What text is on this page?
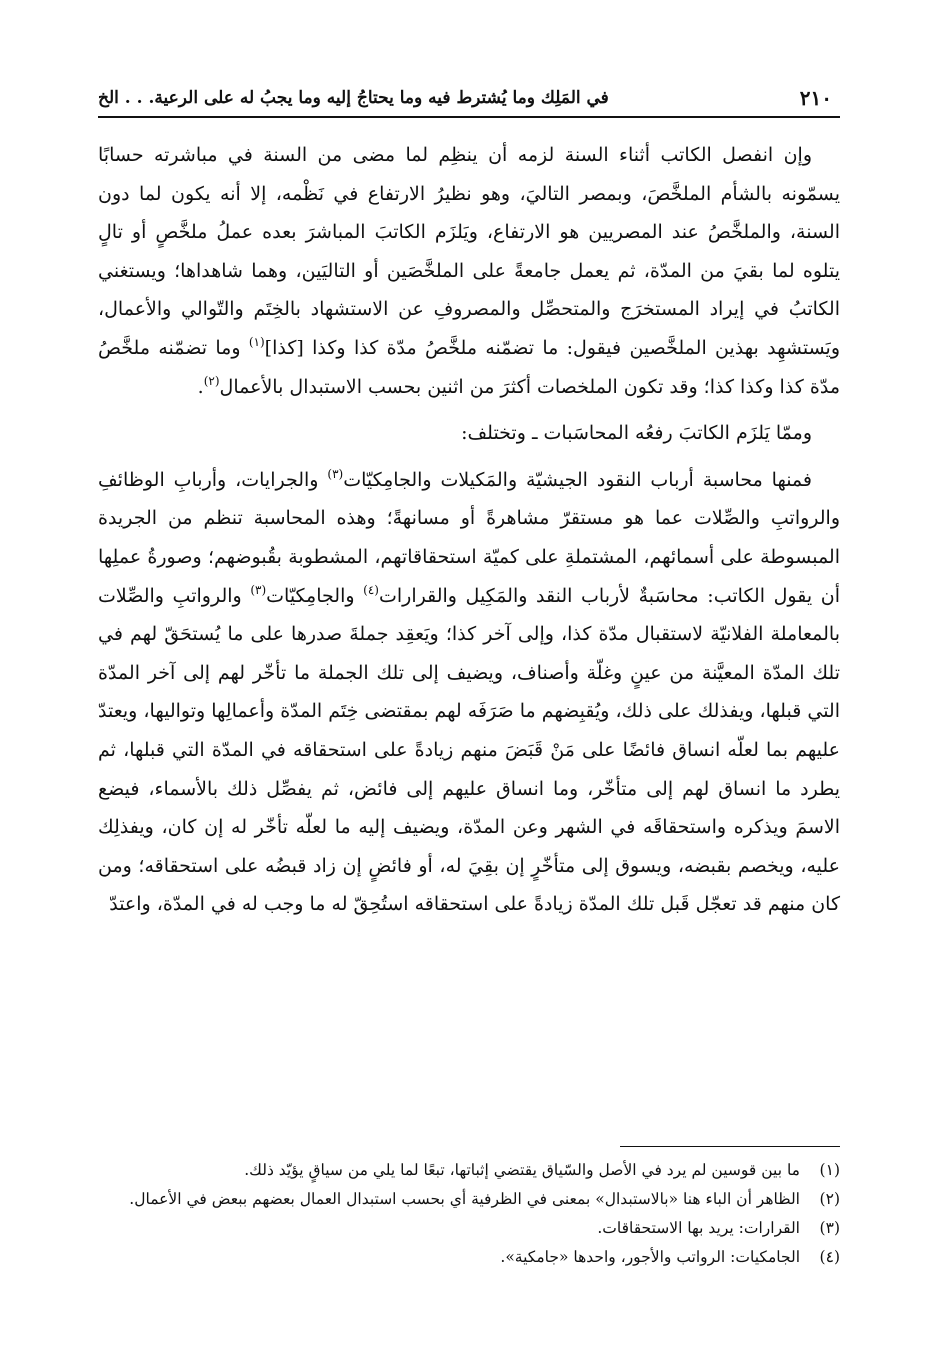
٢١٠
في المَلِك وما يُشترط فيه وما يحتاجُ إليه وما يجبُ له على الرعية. . . الخ

وإن انفصل الكاتب أثناء السنة لزمه أن ينظِم لما مضى من السنة في مباشرته حسابًا يسمّونه بالشأم الملخَّصَ، وبمصر التاليَ، وهو نظيرُ الارتفاع في نَظْمه، إلا أنه يكون لما دون السنة، والملخَّصُ عند المصريين هو الارتفاع، ويَلزَم الكاتبَ المباشرَ بعده عملُ ملخَّصٍ أو تالٍ يتلوه لما بقيَ من المدّة، ثم يعمل جامعةً على الملخَّصَين أو التاليَين، وهما شاهداها؛ ويستغني الكاتبُ في إيراد المستخرَج والمتحصِّل والمصروفِ عن الاستشهاد بالخِتَم والتّوالي والأعمال، ويَستشهِد بهذين الملخَّصين فيقول: ما تضمّنه ملخَّصُ مدّة كذا وكذا [كذا]$^{(١)}$ وما تضمّنه ملخَّصُ مدّة كذا وكذا كذا؛ وقد تكون الملخصات أكثرَ من اثنين بحسب الاستبدال بالأعمال$^{(٢)}$.

وممّا يَلزَم الكاتبَ رفعُه المحاسَبات ـ وتختلف:

فمنها محاسبة أرباب النقود الجيشيّة والمَكيلات والجامِكيّات$^{(٣)}$ والجرايات، وأربابِ الوظائفِ والرواتبِ والصِّلات عما هو مستقرّ مشاهرةً أو مسانهةً؛ وهذه المحاسبة تنظم من الجريدة المبسوطة على أسمائهم، المشتملةِ على كميّة استحقاقاتهم، المشطوبة بقُبوضهم؛ وصورةُ عملِها أن يقول الكاتب: محاسَبةٌ لأرباب النقد والمَكِيل والقرارات$^{(٤)}$ والجامِكيّات$^{(٣)}$ والرواتبِ والصِّلات بالمعاملة الفلانيّة لاستقبال مدّة كذا، وإلى آخر كذا؛ ويَعقِد جملةَ صدرها على ما يُستحَقّ لهم في تلك المدّة المعيَّنة من عينٍ وغلّة وأصناف، ويضيف إلى تلك الجملة ما تأخّر لهم إلى آخر المدّة التي قبلها، ويفذلك على ذلك، ويُقبِضهم ما صَرَفَه لهم بمقتضى خِتَم المدّة وأعمالِها وتواليها، ويعتدّ عليهم بما لعلّه انساق فائضًا على مَنْ قَبَضَ منهم زيادةً على استحقاقه في المدّة التي قبلها، ثم يطرد ما انساق لهم إلى متأخّر، وما انساق عليهم إلى فائض، ثم يفصِّل ذلك بالأسماء، فيضع الاسمَ ويذكره واستحقاقَه في الشهر وعن المدّة، ويضيف إليه ما لعلّه تأخّر له إن كان، ويفذلِك عليه، ويخصم بقبضه، ويسوق إلى متأخّرٍ إن بقِيَ له، أو فائضٍ إن زاد قبضُه على استحقاقه؛ ومن كان منهم قد تعجّل قَبل تلك المدّة زيادةً على استحقاقه استُحِقّ له ما وجب له في المدّة، واعتدّ

(١)
ما بين قوسين لم يرد في الأصل والسّياق يقتضي إثباتها، تبعًا لما يلي من سياقٍ يؤيّد ذلك.
(٢)
الظاهر أن الباء هنا «بالاستبدال» بمعنى في الظرفية أي بحسب استبدال العمال بعضهم ببعض في الأعمال.
(٣)
القرارات: يريد بها الاستحقاقات.
(٤)
الجامكيات: الرواتب والأجور، واحدها «جامكية».
